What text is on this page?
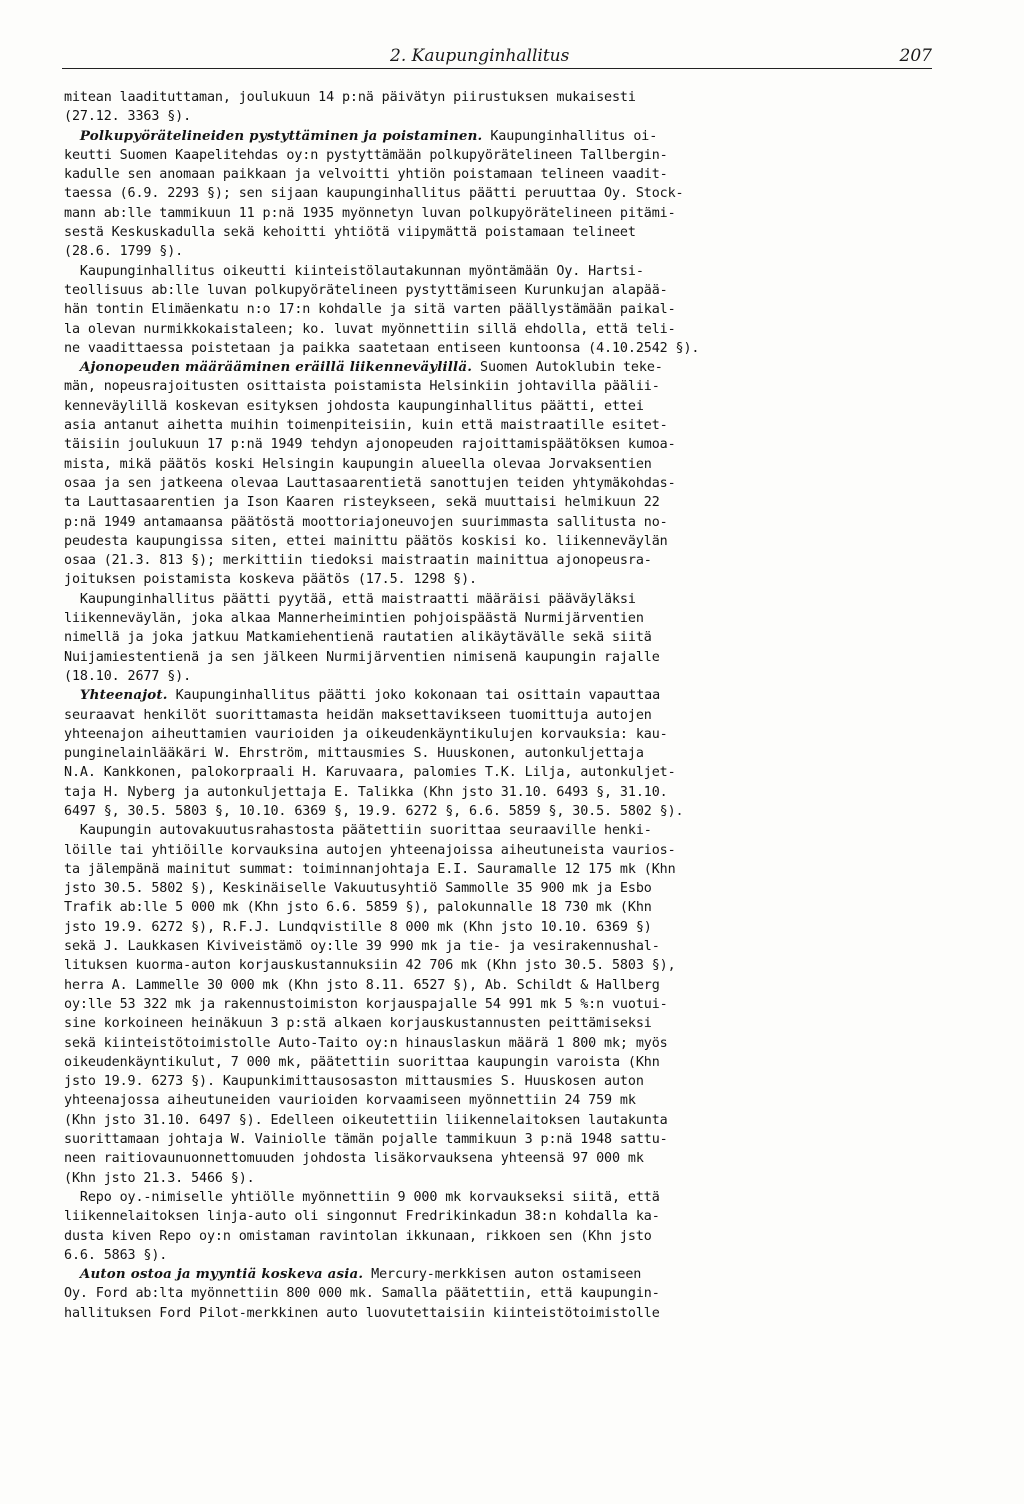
2. Kaupunginhallitus	207
mitean laadituttaman, joulukuun 14 p:nä päivätyn piirustuksen mukaisesti
(27.12. 3363 §).
Polkupyörätelineiden pystyttäminen ja poistaminen. Kaupunginhallitus oi-
keutti Suomen Kaapelitehdas oy:n pystyttämään polkupyörätelineen Tallbergin-
kadulle sen anomaan paikkaan ja velvoitti yhtiön poistamaan telineen vaadit-
taessa (6.9. 2293 §); sen sijaan kaupunginhallitus päätti peruuttaa Oy. Stock-
mann ab:lle tammikuun 11 p:nä 1935 myönnetyn luvan polkupyörätelineen pitämi-
sestä Keskuskadulla sekä kehoitti yhtiötä viipymättä poistamaan telineet
(28.6. 1799 §).
Kaupunginhallitus oikeutti kiinteistölautakunnan myöntämään Oy. Hartsi-
teollisuus ab:lle luvan polkupyörätelineen pystyttämiseen Kurunkujan alapää-
hän tontin Elimäenkatu n:o 17:n kohdalle ja sitä varten päällystämään paikal-
la olevan nurmikkokaistaleen; ko. luvat myönnettiin sillä ehdolla, että teli-
ne vaadittaessa poistetaan ja paikka saatetaan entiseen kuntoonsa (4.10.2542 §).
Ajonopeuden määrääminen eräillä liikenneväylillä. Suomen Autoklubin teke-
män, nopeusrajoitusten osittaista poistamista Helsinkiin johtavilla päälii-
kenneväylillä koskevan esityksen johdosta kaupunginhallitus päätti, ettei
asia antanut aihetta muihin toimenpiteisiin, kuin että maistraatille esitet-
täisiin joulukuun 17 p:nä 1949 tehdyn ajonopeuden rajoittamispäätöksen kumoa-
mista, mikä päätös koski Helsingin kaupungin alueella olevaa Jorvaksentien
osaa ja sen jatkeena olevaa Lauttasaarentietä sanottujen teiden yhtymäkohdas-
ta Lauttasaarentien ja Ison Kaaren risteykseen, sekä muuttaisi helmikuun 22
p:nä 1949 antamaansa päätöstä moottoriajoneuvojen suurimmasta sallitusta no-
peudesta kaupungissa siten, ettei mainittu päätös koskisi ko. liikenneväylän
osaa (21.3. 813 §); merkittiin tiedoksi maistraatin mainittua ajonopeusra-
joituksen poistamista koskeva päätös (17.5. 1298 §).
Kaupunginhallitus päätti pyytää, että maistraatti määräisi pääväyläksi
liikenneväylän, joka alkaa Mannerheimintien pohjoispäästä Nurmijärventien
nimellä ja joka jatkuu Matkamiehentienä rautatien alikäytävälle sekä siitä
Nuijamiestentienä ja sen jälkeen Nurmijärventien nimisenä kaupungin rajalle
(18.10. 2677 §).
Yhteenajot. Kaupunginhallitus päätti joko kokonaan tai osittain vapauttaa
seuraavat henkilöt suorittamasta heidän maksettavikseen tuomittuja autojen
yhteenajon aiheuttamien vaurioiden ja oikeudenkäyntikulujen korvauksia: kau-
punginelainlääkäri W. Ehrström, mittausmies S. Huuskonen, autonkuljettaja
N.A. Kankkonen, palokorpraali H. Karuvaara, palomies T.K. Lilja, autonkuljet-
taja H. Nyberg ja autonkuljettaja E. Talikka (Khn jsto 31.10. 6493 §, 31.10.
6497 §, 30.5. 5803 §, 10.10. 6369 §, 19.9. 6272 §, 6.6. 5859 §, 30.5. 5802 §).
Kaupungin autovakuutusrahastosta päätettiin suorittaa seuraaville henki-
löille tai yhtiöille korvauksina autojen yhteenajoissa aiheutuneista vaurios-
ta jälempänä mainitut summat: toiminnanjohtaja E.I. Sauramalle 12 175 mk (Khn
jsto 30.5. 5802 §), Keskinäiselle Vakuutusyhtiö Sammolle 35 900 mk ja Esbo
Trafik ab:lle 5 000 mk (Khn jsto 6.6. 5859 §), palokunnalle 18 730 mk (Khn
jsto 19.9. 6272 §), R.F.J. Lundqvistille 8 000 mk (Khn jsto 10.10. 6369 §)
sekä J. Laukkasen Kiviveistämö oy:lle 39 990 mk ja tie- ja vesirakennushal-
lituksen kuorma-auton korjauskustannuksiin 42 706 mk (Khn jsto 30.5. 5803 §),
herra A. Lammelle 30 000 mk (Khn jsto 8.11. 6527 §), Ab. Schildt & Hallberg
oy:lle 53 322 mk ja rakennustoimiston korjauspajalle 54 991 mk 5 %:n vuotui-
sine korkoineen heinäkuun 3 p:stä alkaen korjauskustannusten peittämiseksi
sekä kiinteistötoimistolle Auto-Taito oy:n hinauslaskun määrä 1 800 mk; myös
oikeudenkäyntikulut, 7 000 mk, päätettiin suorittaa kaupungin varoista (Khn
jsto 19.9. 6273 §). Kaupunkimittausosaston mittausmies S. Huuskosen auton
yhteenajossa aiheutuneiden vaurioiden korvaamiseen myönnettiin 24 759 mk
(Khn jsto 31.10. 6497 §). Edelleen oikeutettiin liikennelaitoksen lautakunta
suorittamaan johtaja W. Vainiolle tämän pojalle tammikuun 3 p:nä 1948 sattu-
neen raitiovaunuonnettomuuden johdosta lisäkorvauksena yhteensä 97 000 mk
(Khn jsto 21.3. 5466 §).
Repo oy.-nimiselle yhtiölle myönnettiin 9 000 mk korvaukseksi siitä, että
liikennelaitoksen linja-auto oli singonnut Fredrikinkadun 38:n kohdalla ka-
dusta kiven Repo oy:n omistaman ravintolan ikkunaan, rikkoen sen (Khn jsto
6.6. 5863 §).
Auton ostoa ja myyntiä koskeva asia. Mercury-merkkisen auton ostamiseen
Oy. Ford ab:lta myönnettiin 800 000 mk. Samalla päätettiin, että kaupungin-
hallituksen Ford Pilot-merkkinen auto luovutettaisiin kiinteistötoimistolle
